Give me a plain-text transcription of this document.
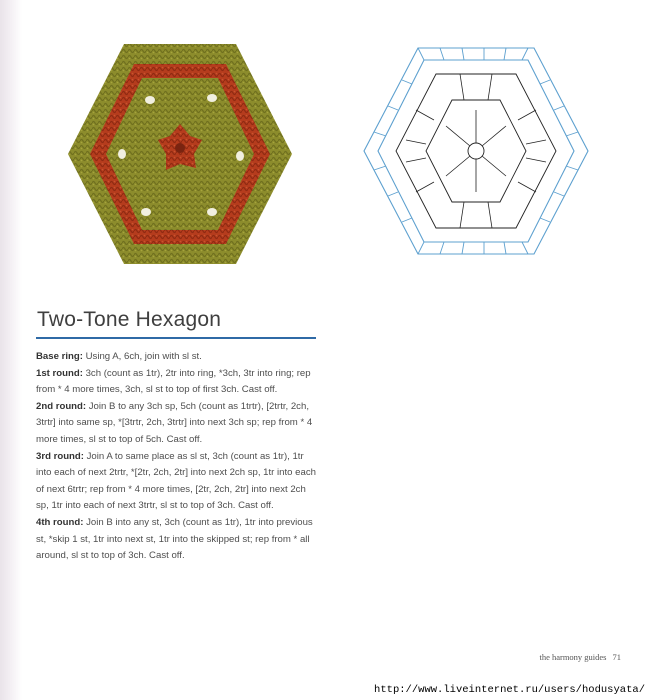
Two-Tone Hexagon

Base ring: Using A, 6ch, join with sl st.

1st round: 3ch (count as 1tr), 2tr into ring, *3ch, 3tr into ring; rep from * 4 more times, 3ch, sl st to top of first 3ch. Cast off.

2nd round: Join B to any 3ch sp, 5ch (count as 1trtr), [2trtr, 2ch, 3trtr] into same sp, *[3trtr, 2ch, 3trtr] into next 3ch sp; rep from * 4 more times, sl st to top of 5ch. Cast off.

3rd round: Join A to same place as sl st, 3ch (count as 1tr), 1tr into each of next 2trtr, *[2tr, 2ch, 2tr] into next 2ch sp, 1tr into each of next 6trtr; rep from * 4 more times, [2tr, 2ch, 2tr] into next 2ch sp, 1tr into each of next 3trtr, sl st to top of 3ch. Cast off.

4th round: Join B into any st, 3ch (count as 1tr), 1tr into previous st, *skip 1 st, 1tr into next st, 1tr into the skipped st; rep from * all around, sl st to top of 3ch. Cast off.

the harmony guides 71
http://www.liveinternet.ru/users/hodusyata/
